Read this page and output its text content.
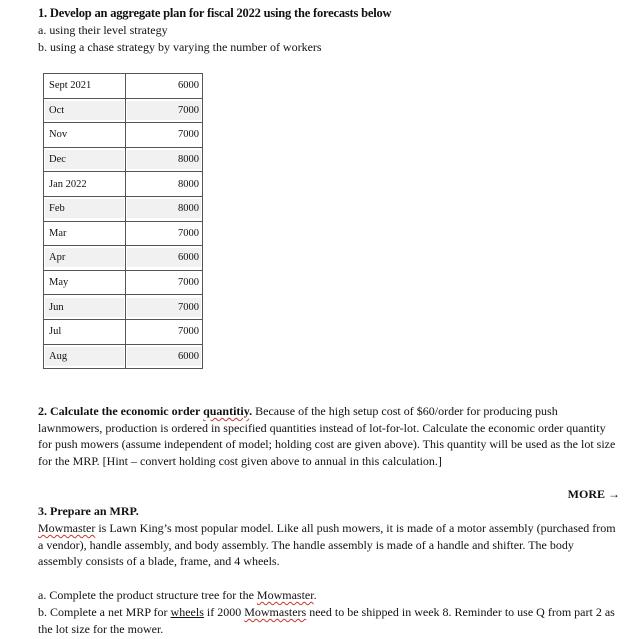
1. Develop an aggregate plan for fiscal 2022 using the forecasts below
a. using their level strategy
b. using a chase strategy by varying the number of workers
Sept 2021	6000

Oct	7000

Nov	7000

Dec	8000

Jan 2022	8000

Feb	8000

Mar	7000

Apr	6000

May	7000

Jun	7000

Jul	7000

Aug	6000
2. Calculate the economic order quantitiy. Because of the high setup cost of $60/order for producing push lawnmowers, production is ordered in specified quantities instead of lot-for-lot. Calculate the economic order quantity for push mowers (assume independent of model; holding cost are given above). This quantity will be used as the lot size for the MRP. [Hint – convert holding cost given above to annual in this calculation.]
MORE →
3. Prepare an MRP.
Mowmaster is Lawn King’s most popular model. Like all push mowers, it is made of a motor assembly (purchased from a vendor), handle assembly, and body assembly. The handle assembly is made of a handle and shifter. The body assembly consists of a blade, frame, and 4 wheels.
a. Complete the product structure tree for the Mowmaster.
b. Complete a net MRP for wheels if 2000 Mowmasters need to be shipped in week 8. Reminder to use Q from part 2 as the lot size for the mower.
